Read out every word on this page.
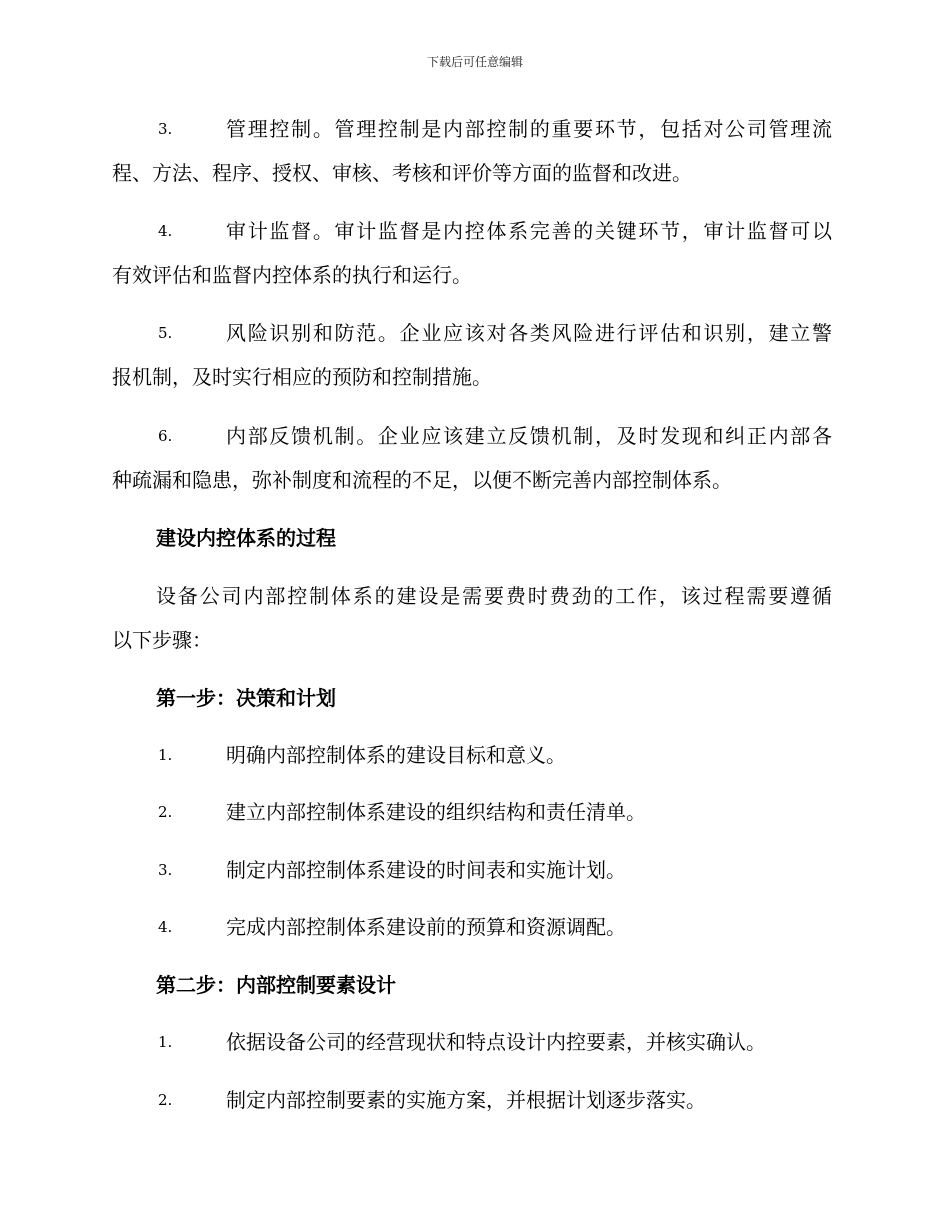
下载后可任意编辑
3.	管理控制。管理控制是内部控制的重要环节，包括对公司管理流
程、方法、程序、授权、审核、考核和评价等方面的监督和改进。
4.	审计监督。审计监督是内控体系完善的关键环节，审计监督可以
有效评估和监督内控体系的执行和运行。
5.	风险识别和防范。企业应该对各类风险进行评估和识别，建立警
报机制，及时实行相应的预防和控制措施。
6.	内部反馈机制。企业应该建立反馈机制，及时发现和纠正内部各
种疏漏和隐患，弥补制度和流程的不足，以便不断完善内部控制体系。
建设内控体系的过程
设备公司内部控制体系的建设是需要费时费劲的工作，该过程需要遵循
以下步骤：
第一步：决策和计划
1.	明确内部控制体系的建设目标和意义。
2.	建立内部控制体系建设的组织结构和责任清单。
3.	制定内部控制体系建设的时间表和实施计划。
4.	完成内部控制体系建设前的预算和资源调配。
第二步：内部控制要素设计
1.	依据设备公司的经营现状和特点设计内控要素，并核实确认。
2.	制定内部控制要素的实施方案，并根据计划逐步落实。
